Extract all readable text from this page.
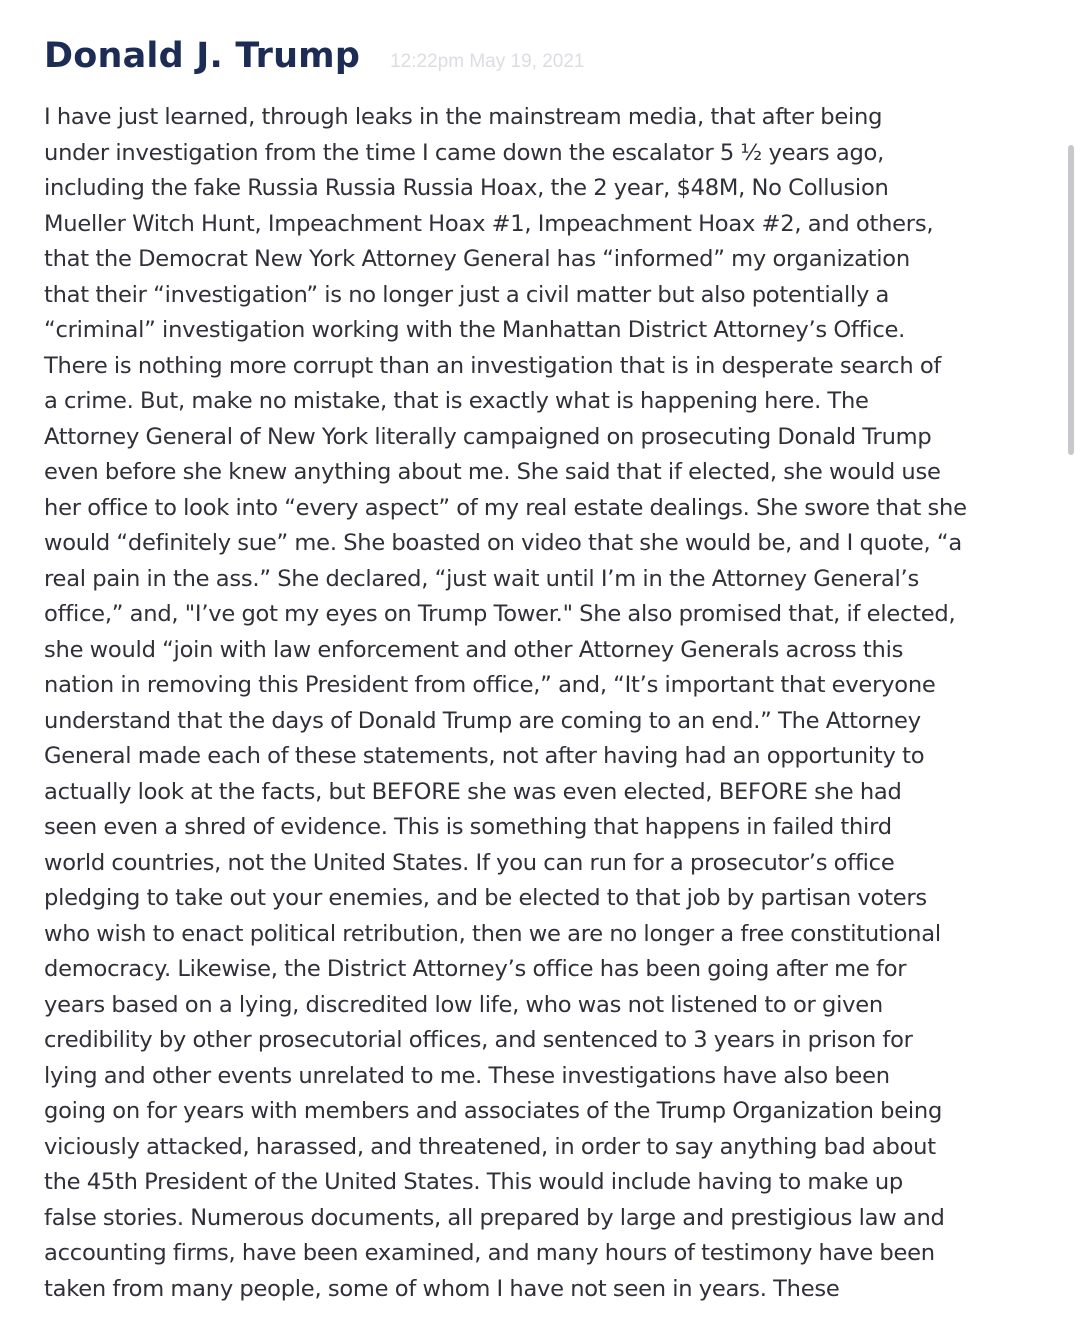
Donald J. Trump 12:22pm May 19, 2021
I have just learned, through leaks in the mainstream media, that after being
under investigation from the time I came down the escalator 5 ½ years ago,
including the fake Russia Russia Russia Hoax, the 2 year, $48M, No Collusion
Mueller Witch Hunt, Impeachment Hoax #1, Impeachment Hoax #2, and others,
that the Democrat New York Attorney General has “informed” my organization
that their “investigation” is no longer just a civil matter but also potentially a
“criminal” investigation working with the Manhattan District Attorney’s Office.
There is nothing more corrupt than an investigation that is in desperate search of
a crime. But, make no mistake, that is exactly what is happening here. The
Attorney General of New York literally campaigned on prosecuting Donald Trump
even before she knew anything about me. She said that if elected, she would use
her office to look into “every aspect” of my real estate dealings. She swore that she
would “definitely sue” me. She boasted on video that she would be, and I quote, “a
real pain in the ass.” She declared, “just wait until I’m in the Attorney General’s
office,” and, "I’ve got my eyes on Trump Tower." She also promised that, if elected,
she would “join with law enforcement and other Attorney Generals across this
nation in removing this President from office,” and, “It’s important that everyone
understand that the days of Donald Trump are coming to an end.” The Attorney
General made each of these statements, not after having had an opportunity to
actually look at the facts, but BEFORE she was even elected, BEFORE she had
seen even a shred of evidence. This is something that happens in failed third
world countries, not the United States. If you can run for a prosecutor’s office
pledging to take out your enemies, and be elected to that job by partisan voters
who wish to enact political retribution, then we are no longer a free constitutional
democracy. Likewise, the District Attorney’s office has been going after me for
years based on a lying, discredited low life, who was not listened to or given
credibility by other prosecutorial offices, and sentenced to 3 years in prison for
lying and other events unrelated to me. These investigations have also been
going on for years with members and associates of the Trump Organization being
viciously attacked, harassed, and threatened, in order to say anything bad about
the 45th President of the United States. This would include having to make up
false stories. Numerous documents, all prepared by large and prestigious law and
accounting firms, have been examined, and many hours of testimony have been
taken from many people, some of whom I have not seen in years. These
